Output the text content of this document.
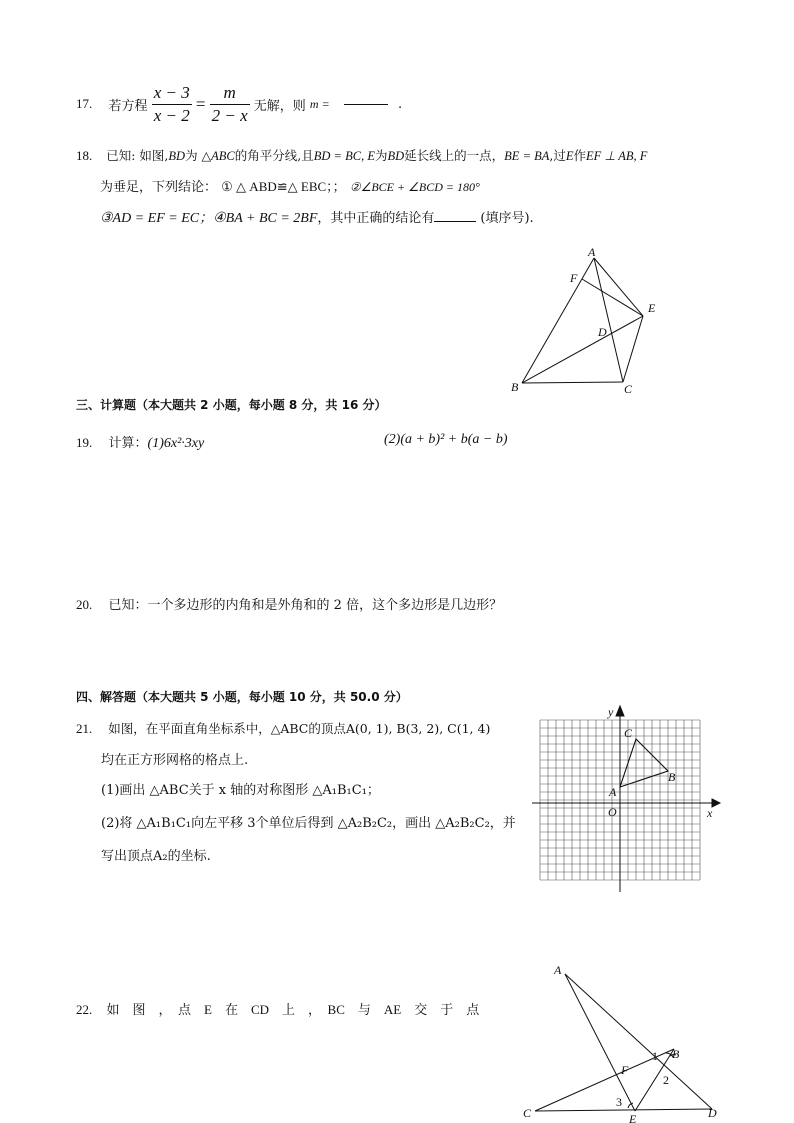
17. 若方程 $\frac{x - 3}{x - 2} = \frac{m}{2 - x}$ 无解，则 m =	.
18. 已知: 如图,BD为 △ABC的角平分线,且BD = BC, E为BD延长线上的一点，BE = BA,过E作EF ⊥ AB, F
为垂足，下列结论： ① △ ABD≌△ EBC；； ②∠BCE + ∠BCD = 180°
③AD = EF = EC；④BA + BC = 2BF，其中正确的结论有	(填序号).
A
F
E
D
B	C
三、计算题（本大题共 2 小题，每小题 8 分，共 16 分）
19. 计算：(1)6x²·3xy	(2)(a + b)² + b(a − b)
20. 已知：一个多边形的内角和是外角和的 2 倍，这个多边形是几边形？
四、解答题（本大题共 5 小题，每小题 10 分，共 50.0 分）
21. 如图，在平面直角坐标系中，△ABC的顶点A(0, 1), B(3, 2), C(1, 4)
均在正方形网格的格点上.
(1)画出 △ABC关于 x 轴的对称图形 △A₁B₁C₁；
(2)将 △A₁B₁C₁向左平移 3个单位后得到 △A₂B₂C₂，画出 △A₂B₂C₂，并
写出顶点A₂的坐标.
y
x
O
A
B
C
22. 如　图　，　点　E　在　CD　上　，　BC　与　AE　交　于　点
A
B
C	D
E
F
1
2
3
